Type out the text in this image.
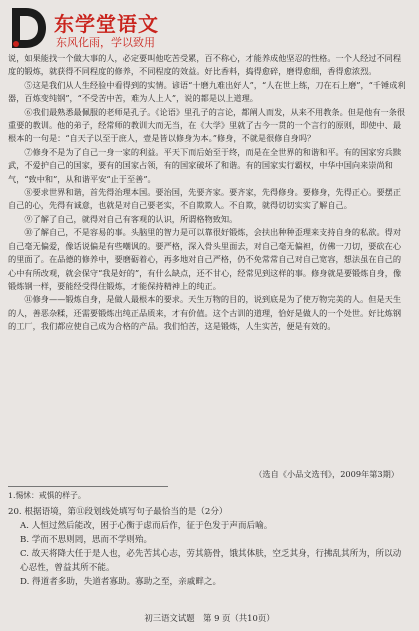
东学堂语文
东风化雨，学以致用

说，如果能找一个做大事的人，必定要叫他吃苦受累，百不称心，才能养成他坚忍的性格。一个人经过不同程度的锻炼，就获得不同程度的修养，不同程度的效益。好比香料，捣得愈碎，磨得愈细，香得愈浓烈。

⑤这是我们从人生经验中看得到的实情。谚语“十磨九难出好人”，“人在世上练，刀在石上磨”，“千锤成利器，百炼变纯钢”，“不受苦中苦，难为人上人”，说的都是以上道理。

⑥我们最熟悉最佩服的老师是孔子。《论语》里孔子的言论，都阐人而发，从来不用教条。但是他有一条很重要的教训。他的弟子，经常师的教训大而无当，在《大学》里就了古今一贯的一个言行的原则，即使中、最根本的一句是：“自天子以至于庶人，壹是皆以修身为本。”修身，不就是很修自身吗？

⑦修身不是为了自己一身一家的利益。平天下而后始至于终，而是在全世界的和谐和平。有的国家穷兵黩武，不爱护自己的国家，要有的国家占领，有的国家破坏了和谐。有的国家实行霸权，中华中国向来崇尚和气，“致中和”，从和谐平安“止于至善”。

⑧要求世界和谐，首先得治理本国。要治国，先要齐家。要齐家，先得修身。要修身，先得正心。要摆正自己的心，先得有诚意，也就是对自己要老实，不自欺欺人。不自欺，就得切切实实了解自己。

⑨了解了自己，就得对自己有客观的认识，所谓格物致知。

⑩了解自己，不是容易的事。头脑里的智力是可以靠很好锻炼，会扶出种种歪理来支持自身的私欲。得对自己毫无偏爱，像话说偏是有些嘲讽的。要严格，深入骨头里面去，对自己毫无偏袒，仿佛一刀切，要砍在心的里面了。在品德的修养中，要磨砺着心，再多地对自己严格，仍不免常常自己对自己宽容，想法虽在自己的心中有所改观，就会保守“我是好的”，有什么缺点，还不甘心，经常见到这样的事。修身就是要锻炼自身，像锻炼钢一样，要能经受得住锻炼，才能保持精神上的纯正。

⑪修身——锻炼自身，是做人最根本的要求。天生万物的目的，说到底是为了使万物完美的人。但是天生的人，善恶杂糅，还需要锻炼出纯正品质来，才有价值。这个古训的道理，恰好是做人的一个处世。好比炼钢的工厂，我们都应使自己成为合格的产品。我们怕苦，这是锻炼，人生实苦，便是有效的。

（选自《小品文选刊》，2009年第3期）
1.惕怵：戒惧的样子。
20. 根据语境，第⑪段划线处填写句子最恰当的是（2分）
A. 人恒过然后能改，困于心衡于虑而后作，征于色发于声而后喻。
B. 学而不思则罔，思而不学则殆。
C. 故天将降大任于是人也，必先苦其心志，劳其筋骨，饿其体肤，空乏其身，行拂乱其所为，所以动心忍性，曾益其所不能。
D. 得道者多助，失道者寡助。寡助之至，亲戚畔之。
初三语文试题　第 9 页（共10页）
